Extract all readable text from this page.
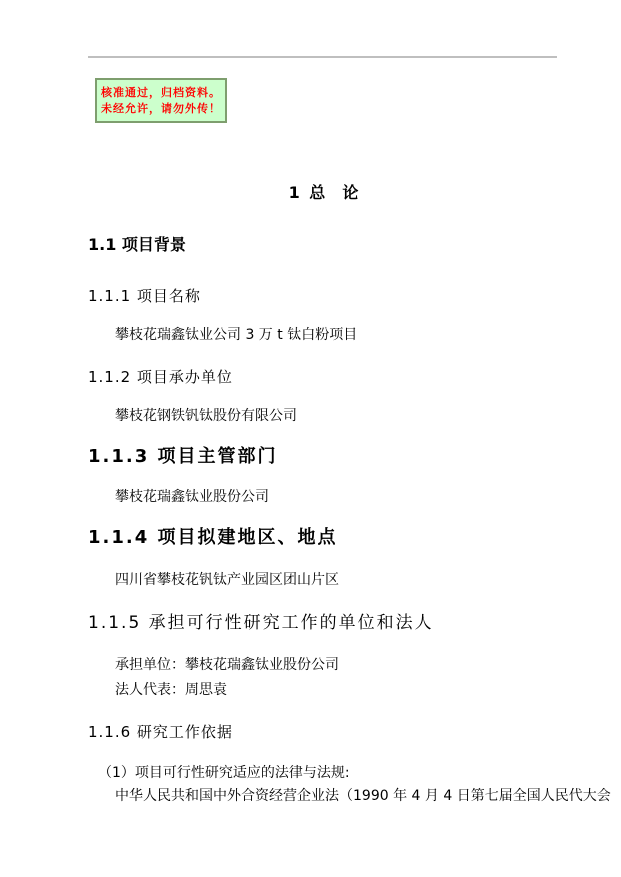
核准通过，归档资料。
未经允许，请勿外传！
1 总  论
1.1 项目背景
1.1.1 项目名称

攀枝花瑞鑫钛业公司 3 万 t 钛白粉项目

1.1.2 项目承办单位

攀枝花钢铁钒钛股份有限公司

1.1.3 项目主管部门

攀枝花瑞鑫钛业股份公司

1.1.4 项目拟建地区、地点

四川省攀枝花钒钛产业园区团山片区

1.1.5 承担可行性研究工作的单位和法人

承担单位：攀枝花瑞鑫钛业股份公司

法人代表：周思袁

1.1.6 研究工作依据

（1）项目可行性研究适应的法律与法规:

中华人民共和国中外合资经营企业法（1990 年 4 月 4 日第七届全国人民代大会
